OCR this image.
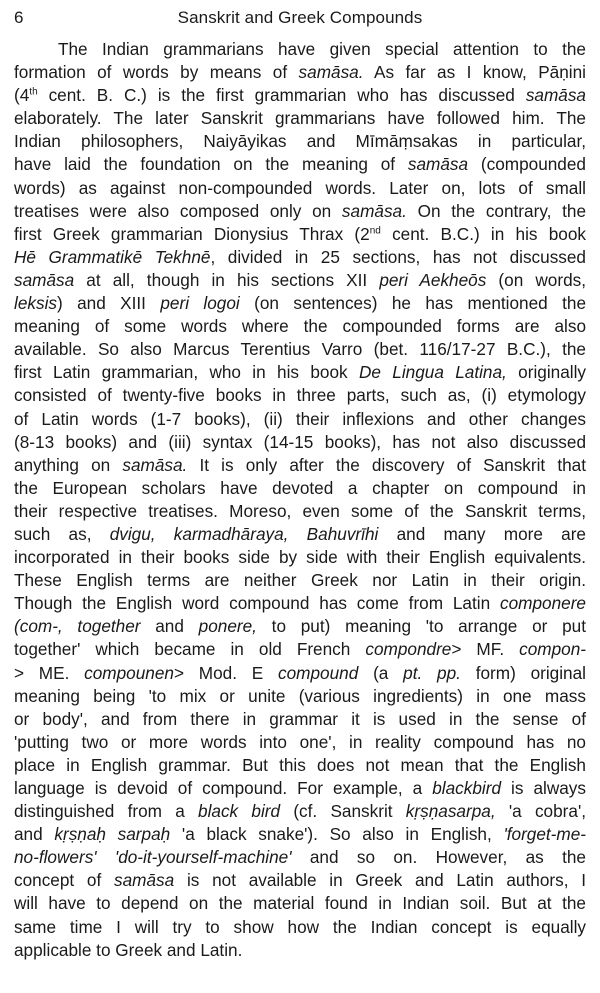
6	Sanskrit and Greek Compounds
The Indian grammarians have given special attention to the
formation of words by means of samāsa. As far as I know, Pāṇini
(4th cent. B. C.) is the first grammarian who has discussed samāsa
elaborately. The later Sanskrit grammarians have followed him. The
Indian philosophers, Naiyāyikas and Mīmāṃsakas in particular,
have laid the foundation on the meaning of samāsa (compounded
words) as against non-compounded words. Later on, lots of small
treatises were also composed only on samāsa. On the contrary, the
first Greek grammarian Dionysius Thrax (2nd cent. B.C.) in his book
Hē Grammatikē Tekhnē, divided in 25 sections, has not discussed
samāsa at all, though in his sections XII peri Aekheōs (on words,
leksis) and XIII peri logoi (on sentences) he has mentioned the
meaning of some words where the compounded forms are also
available. So also Marcus Terentius Varro (bet. 116/17-27 B.C.), the
first Latin grammarian, who in his book De Lingua Latina, originally
consisted of twenty-five books in three parts, such as, (i) etymology
of Latin words (1-7 books), (ii) their inflexions and other changes
(8-13 books) and (iii) syntax (14-15 books), has not also discussed
anything on samāsa. It is only after the discovery of Sanskrit that
the European scholars have devoted a chapter on compound in
their respective treatises. Moreso, even some of the Sanskrit terms,
such as, dvigu, karmadhāraya, Bahuvrīhi and many more are
incorporated in their books side by side with their English equivalents.
These English terms are neither Greek nor Latin in their origin.
Though the English word compound has come from Latin componere
(com-, together and ponere, to put) meaning 'to arrange or put
together' which became in old French compondre> MF. compon-
> ME. compounen> Mod. E compound (a pt. pp. form) original
meaning being 'to mix or unite (various ingredients) in one mass
or body', and from there in grammar it is used in the sense of
'putting two or more words into one', in reality compound has no
place in English grammar. But this does not mean that the English
language is devoid of compound. For example, a blackbird is always
distinguished from a black bird (cf. Sanskrit kṛṣṇasarpa, 'a cobra',
and kṛṣṇaḥ sarpaḥ 'a black snake'). So also in English, 'forget-me-
no-flowers' 'do-it-yourself-machine' and so on. However, as the
concept of samāsa is not available in Greek and Latin authors, I
will have to depend on the material found in Indian soil. But at the
same time I will try to show how the Indian concept is equally
applicable to Greek and Latin.
